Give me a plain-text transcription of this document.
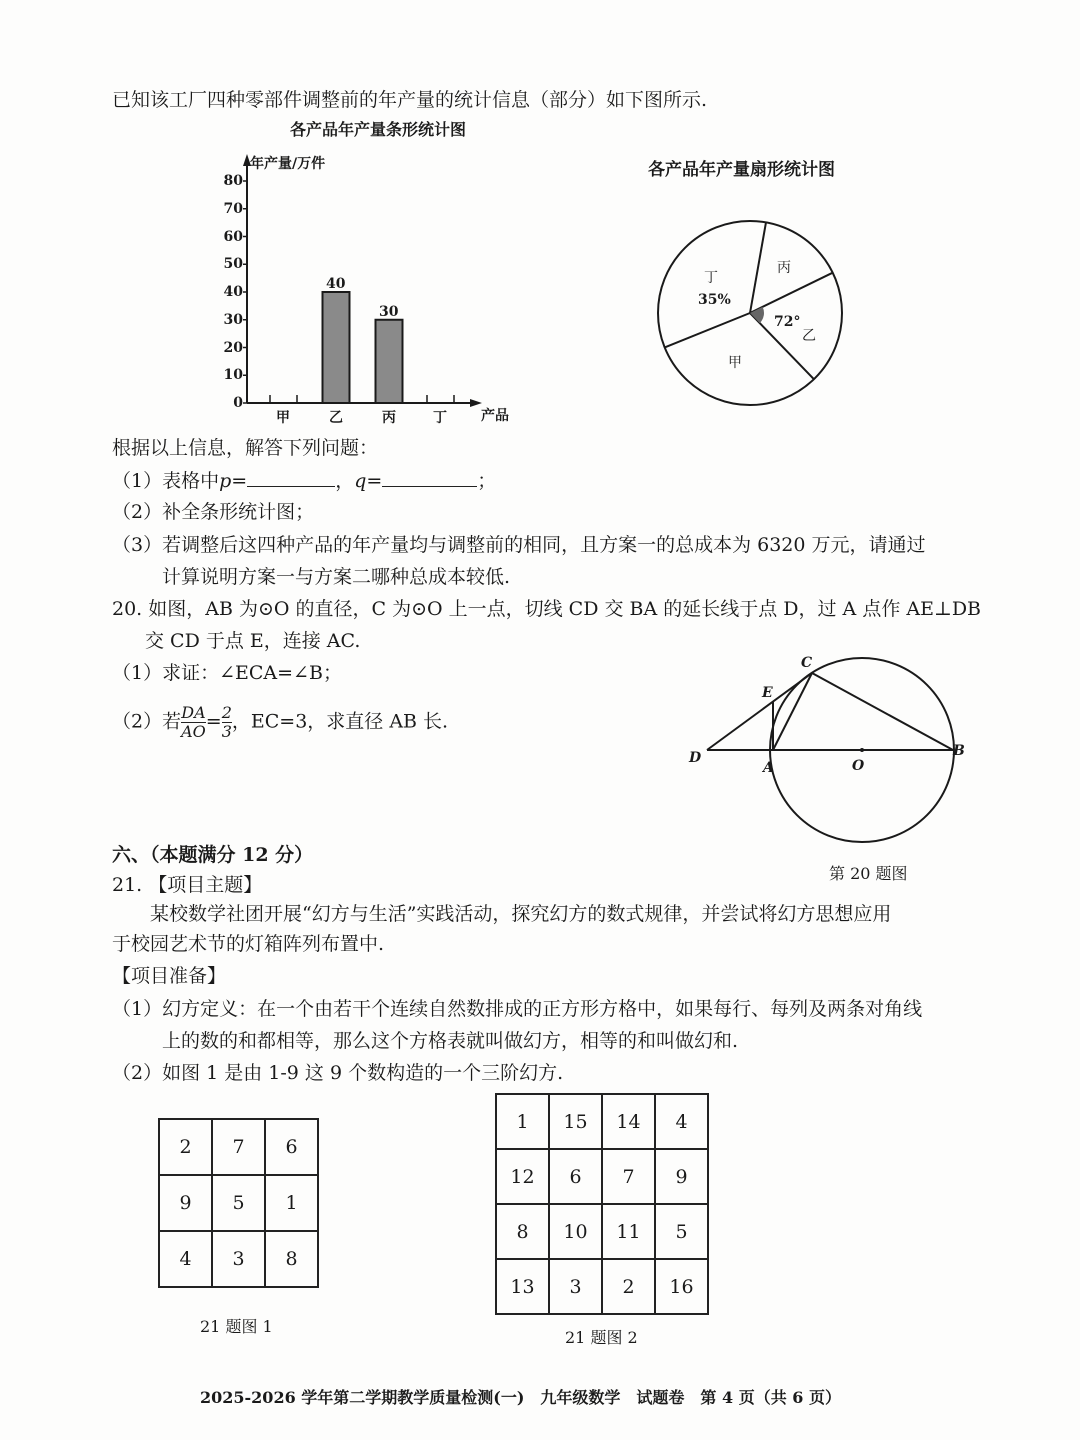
已知该工厂四种零部件调整前的年产量的统计信息（部分）如下图所示.
各产品年产量条形统计图
年产量/万件
产品
0
10
20
30
40
50
60
70
80
甲	乙
40
丙
30
丁
各产品年产量扇形统计图
丁
35%
丙
72°
乙
甲
根据以上信息，解答下列问题：
（1）表格中p=	，q=	；
（2）补全条形统计图；
（3）若调整后这四种产品的年产量均与调整前的相同，且方案一的总成本为 6320 万元，请通过
计算说明方案一与方案二哪种总成本较低.
20. 如图，AB 为⊙O 的直径，C 为⊙O 上一点，切线 CD 交 BA 的延长线于点 D，过 A 点作 AE⊥DB
交 CD 于点 E，连接 AC.
（1）求证：∠ECA=∠B；
（2）若 $\frac{DA}{AO} = \frac{2}{3}$ ，EC=3，求直径 AB 长.
C
E
D
A	O
B
第 20 题图
六、（本题满分 12 分）
21. 【项目主题】
某校数学社团开展“幻方与生活”实践活动，探究幻方的数式规律，并尝试将幻方思想应用
于校园艺术节的灯箱阵列布置中.
【项目准备】
（1）幻方定义：在一个由若干个连续自然数排成的正方形方格中，如果每行、每列及两条对角线
上的数的和都相等，那么这个方格表就叫做幻方，相等的和叫做幻和.
（2）如图 1 是由 1-9 这 9 个数构造的一个三阶幻方.
2	7	6
9	5	1
4	3	8
21 题图 1
1	15	14	4
12	6	7	9
8	10	11	5
13	3	2	16
21 题图 2
2025-2026 学年第二学期教学质量检测(一)　九年级数学　试题卷　第 4 页（共 6 页）
